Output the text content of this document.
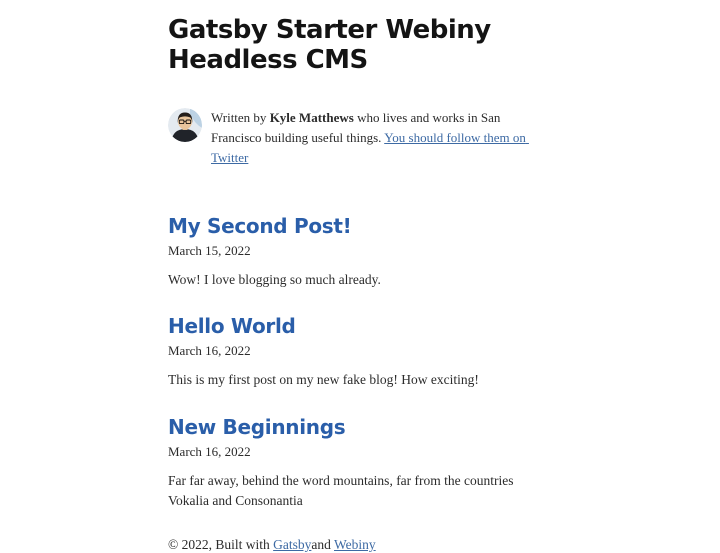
Gatsby Starter Webiny Headless CMS

Written by Kyle Matthews who lives and works in San Francisco building useful things. You should follow them on Twitter

My Second Post!

March 15, 2022

Wow! I love blogging so much already.

Hello World

March 16, 2022

This is my first post on my new fake blog! How exciting!

New Beginnings

March 16, 2022

Far far away, behind the word mountains, far from the countries Vokalia and Consonantia

© 2022, Built with Gatsbyand Webiny
